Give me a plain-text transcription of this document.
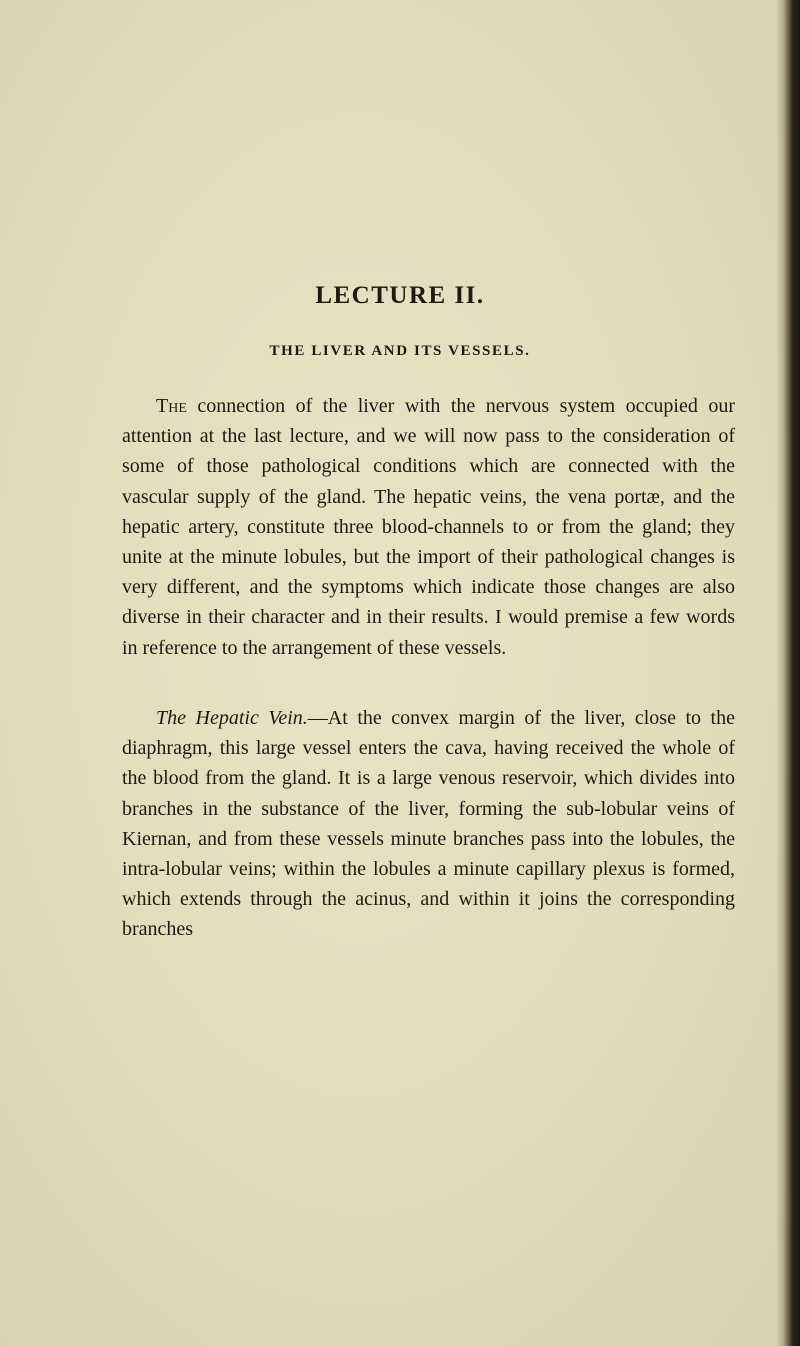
LECTURE II.
THE LIVER AND ITS VESSELS.

The connection of the liver with the nervous system occupied our attention at the last lecture, and we will now pass to the consideration of some of those pathological conditions which are connected with the vascular supply of the gland. The hepatic veins, the vena portæ, and the hepatic artery, constitute three blood-channels to or from the gland; they unite at the minute lobules, but the import of their pathological changes is very different, and the symptoms which indicate those changes are also diverse in their character and in their results. I would premise a few words in reference to the arrangement of these vessels.

The Hepatic Vein.—At the convex margin of the liver, close to the diaphragm, this large vessel enters the cava, having received the whole of the blood from the gland. It is a large venous reservoir, which divides into branches in the substance of the liver, forming the sub-lobular veins of Kiernan, and from these vessels minute branches pass into the lobules, the intra-lobular veins; within the lobules a minute capillary plexus is formed, which extends through the acinus, and within it joins the corresponding branches
